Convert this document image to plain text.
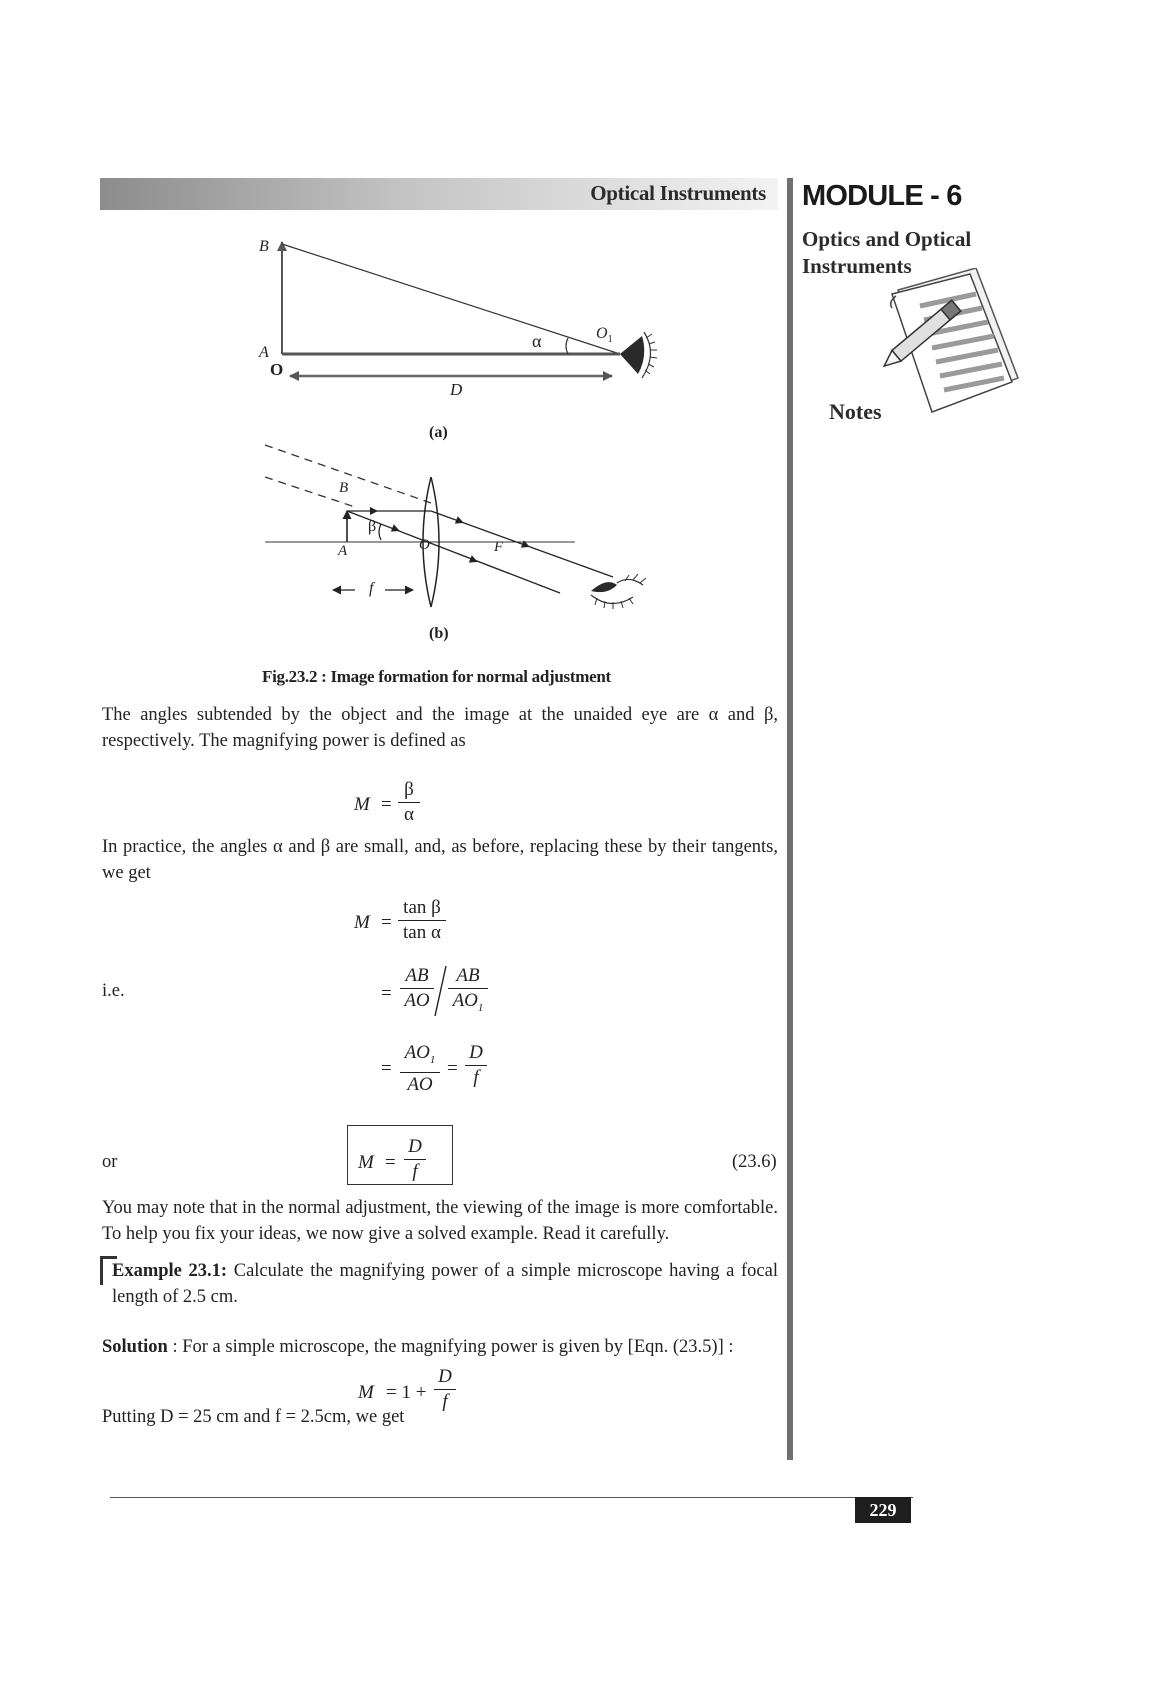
Optical Instruments MODULE - 6
Optics and Optical Instruments
Notes
B
A
O
$O_1$
α
D
(a)
B
A	O	F
β
f
(b)
Fig.23.2 : Image formation for normal adjustment
The angles subtended by the object and the image at the unaided eye are α and β, respectively. The magnifying power is defined as
$M = \frac{\beta}{\alpha}$
In practice, the angles α and β are small, and, as before, replacing these by their tangents, we get
$M = \frac{\text{tan β}}{\text{tan α}}$
i.e.	= $\frac{AB}{AO} \frac{AB}{AO_1}$
= $\frac{AO_1}{AO} = \frac{D}{f}$
or	$M = \frac{D}{f}$	(23.6)
You may note that in the normal adjustment, the viewing of the image is more comfortable. To help you fix your ideas, we now give a solved example. Read it carefully.
Example 23.1: Calculate the magnifying power of a simple microscope having a focal length of 2.5 cm.
Solution : For a simple microscope, the magnifying power is given by [Eqn. (23.5)] :
$M = 1 + \frac{D}{f}$
Putting D = 25 cm and f = 2.5cm, we get
229
